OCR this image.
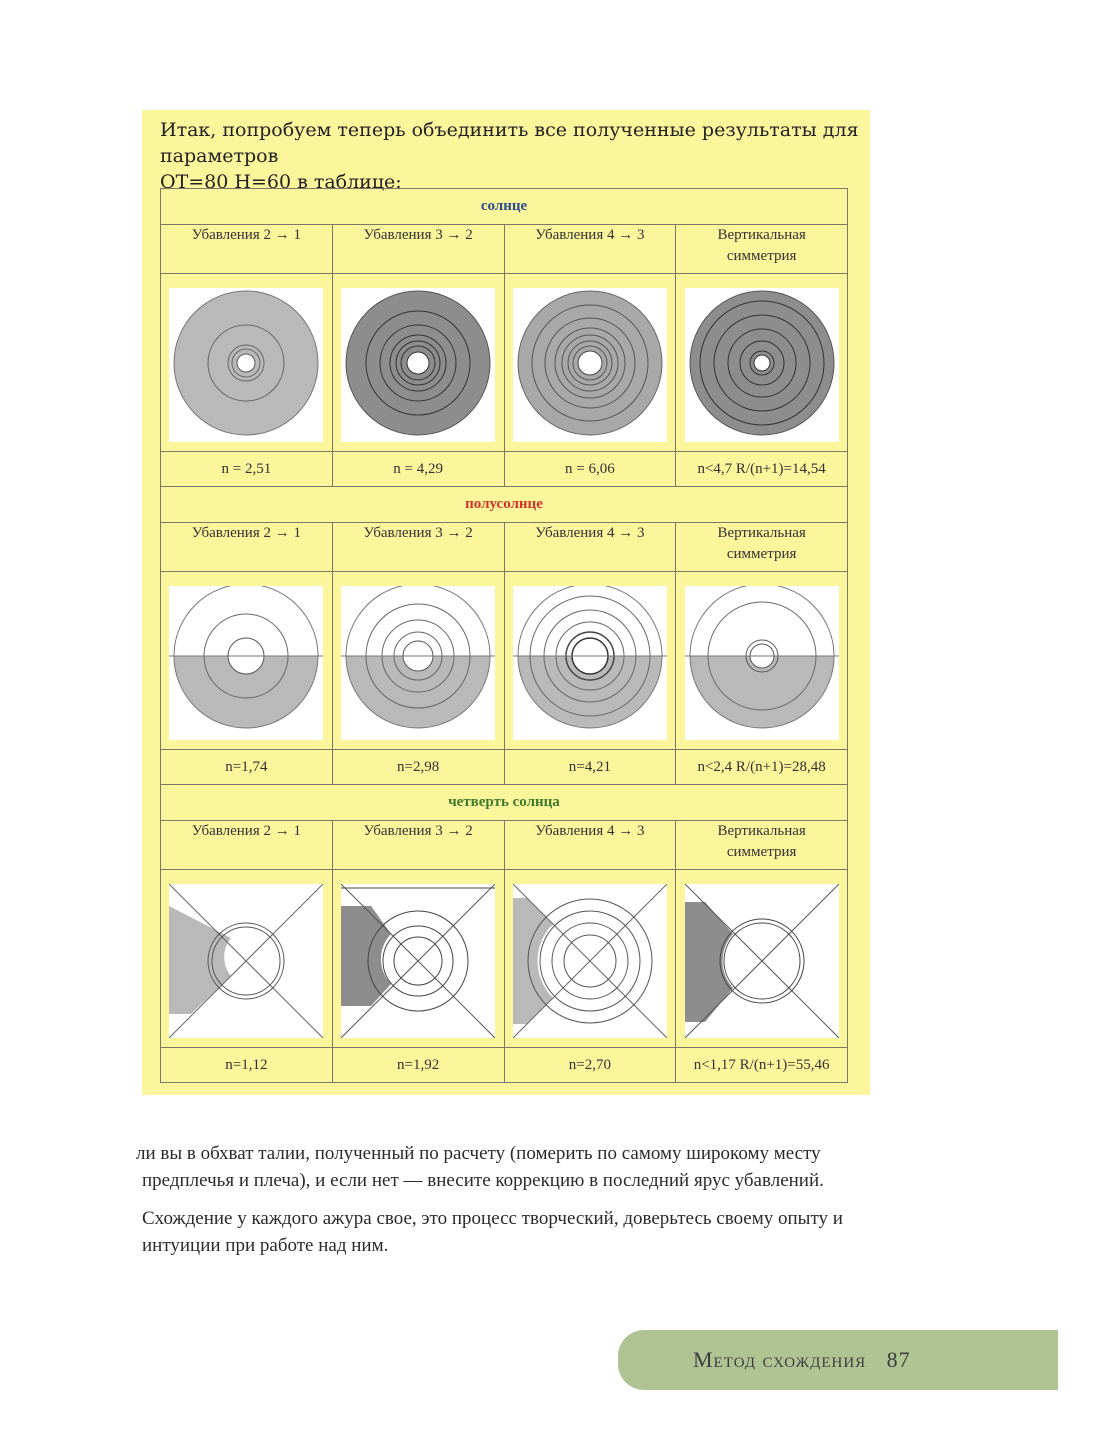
Итак, попробуем теперь объединить все полученные результаты для параметров
ОТ=80 Н=60 в таблице:
солнце			
Убавления 2 → 1	Убавления 3 → 2	Убавления 4 → 3	Вертикальная симметрия

n = 2,51	n = 4,29	n = 6,06	n<4,7 R/(n+1)=14,54
полусолнце			
Убавления 2 → 1	Убавления 3 → 2	Убавления 4 → 3	Вертикальная симметрия

n=1,74	n=2,98	n=4,21	n<2,4 R/(n+1)=28,48
четверть солнца			
Убавления 2 → 1	Убавления 3 → 2	Убавления 4 → 3	Вертикальная симметрия

n=1,12	n=1,92	n=2,70	n<1,17 R/(n+1)=55,46

ли вы в обхват талии, полученный по расчету (померить по самому широкому месту
предплечья и плеча), и если нет — внесите коррекцию в последний ярус убавлений.

Схождение у каждого ажура свое, это процесс творческий, доверьтесь своему опыту и
интуиции при работе над ним.

Метод схождения 87
